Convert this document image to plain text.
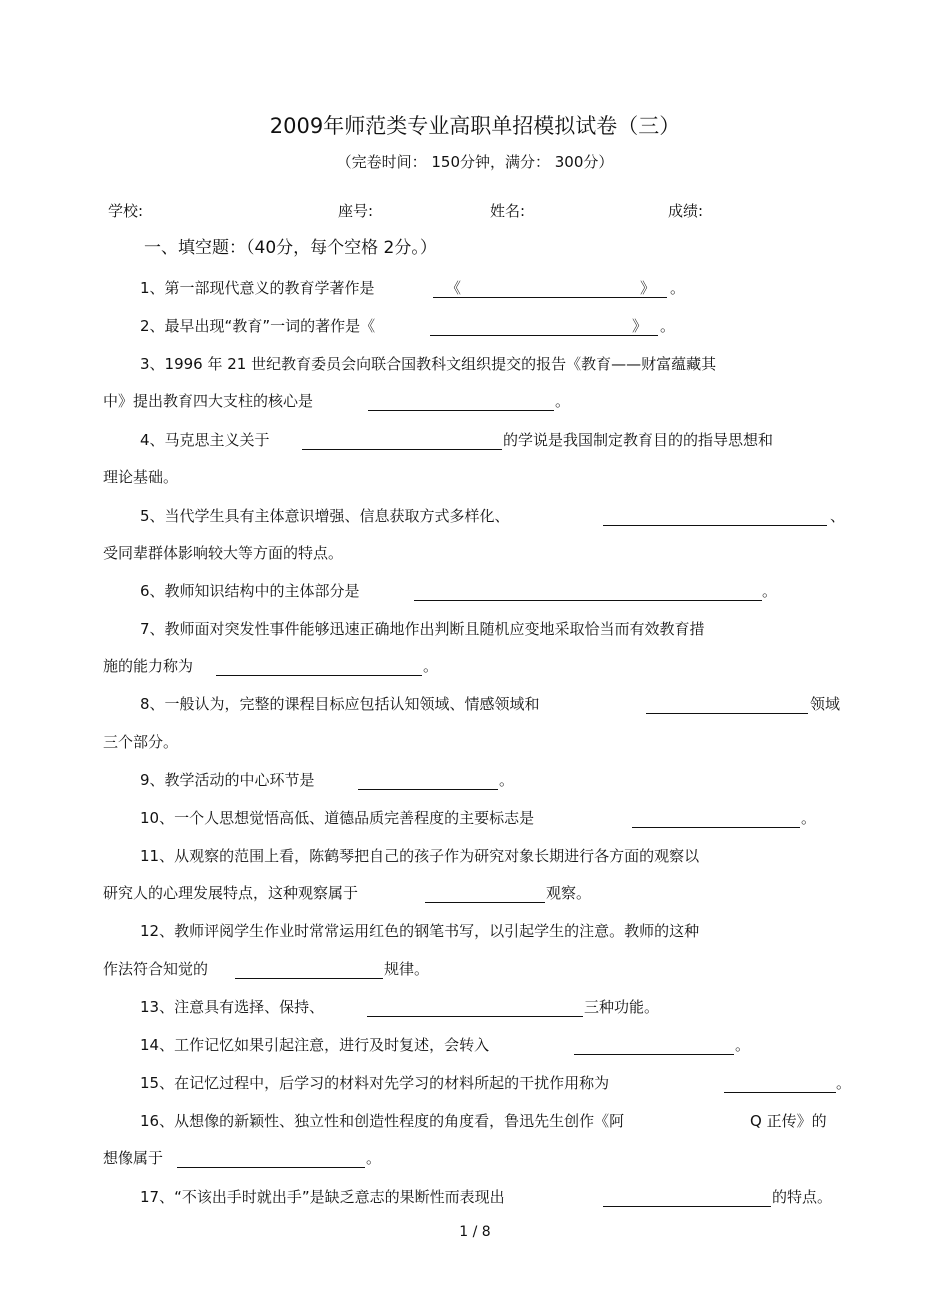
2009年师范类专业高职单招模拟试卷（三）
（完卷时间： 150分钟，满分： 300分）
学校:	座号:	姓名:	成绩:
一、填空题：（40分，每个空格 2分。）
1、第一部现代意义的教育学著作是	《	》 。
2、最早出现“教育”一词的著作是《	》 。
3、1996 年 21 世纪教育委员会向联合国教科文组织提交的报告《教育——财富蕴藏其
中》提出教育四大支柱的核心是	。
4、马克思主义关于	的学说是我国制定教育目的的指导思想和
理论基础。
5、当代学生具有主体意识增强、信息获取方式多样化、	、
受同辈群体影响较大等方面的特点。
6、教师知识结构中的主体部分是	。
7、教师面对突发性事件能够迅速正确地作出判断且随机应变地采取恰当而有效教育措
施的能力称为	。
8、一般认为，完整的课程目标应包括认知领域、情感领域和	领域
三个部分。
9、教学活动的中心环节是	。
10、一个人思想觉悟高低、道德品质完善程度的主要标志是	。
11、从观察的范围上看，陈鹤琴把自己的孩子作为研究对象长期进行各方面的观察以
研究人的心理发展特点，这种观察属于	观察。
12、教师评阅学生作业时常常运用红色的钢笔书写，以引起学生的注意。教师的这种
作法符合知觉的	规律。
13、注意具有选择、保持、	三种功能。
14、工作记忆如果引起注意，进行及时复述，会转入	。
15、在记忆过程中，后学习的材料对先学习的材料所起的干扰作用称为	。
16、从想像的新颖性、独立性和创造性程度的角度看，鲁迅先生创作《阿	Q 正传》的
想像属于	。
17、“不该出手时就出手”是缺乏意志的果断性而表现出	的特点。
1 / 8
